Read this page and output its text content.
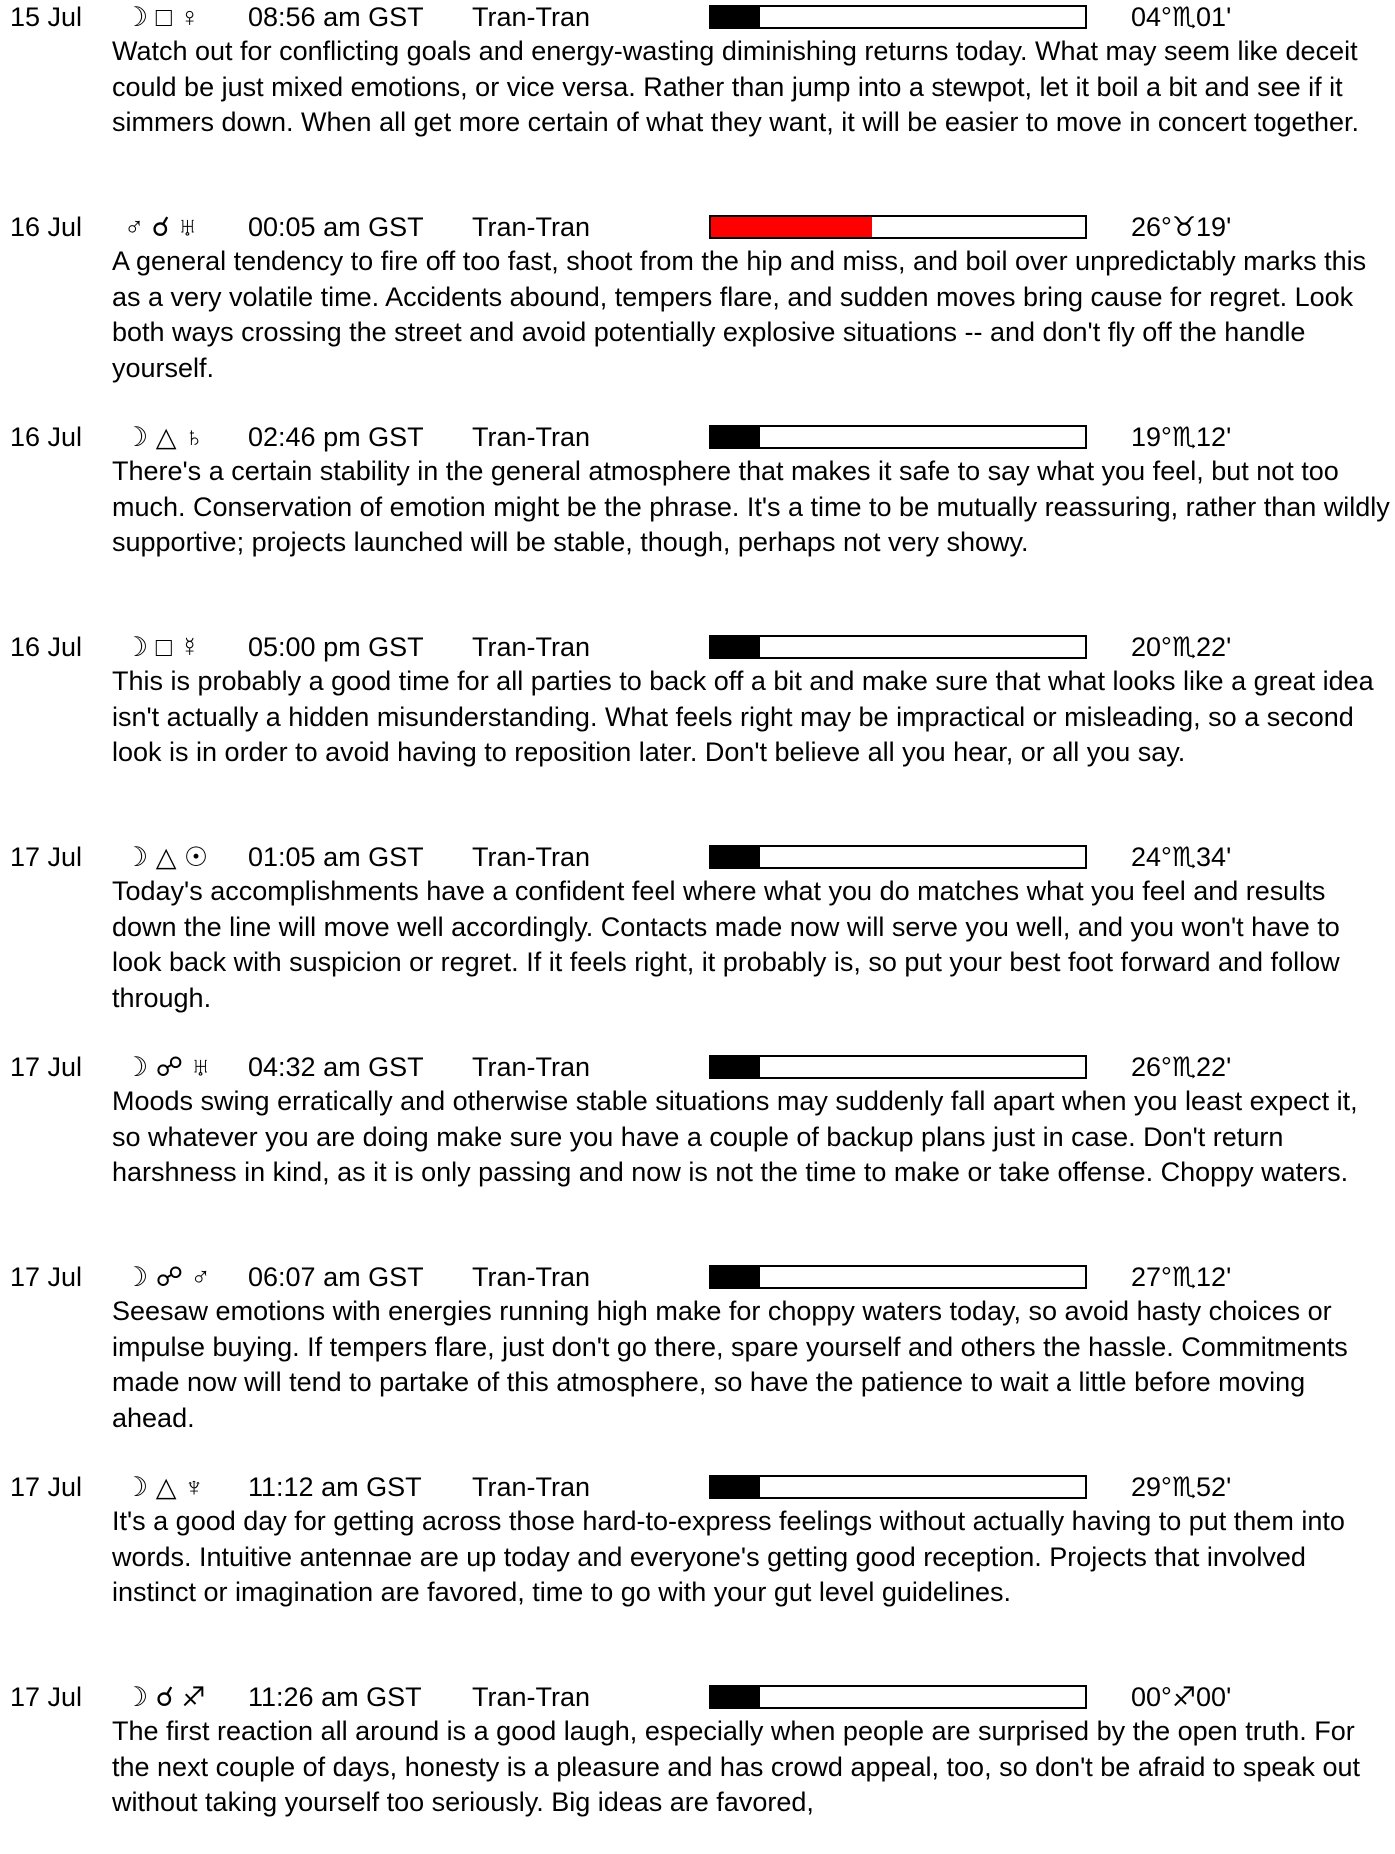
15 Jul ☽ □ ♀	08:56 am GST Tran-Tran	04°♏01'
Watch out for conflicting goals and energy-wasting diminishing returns today. What may seem like deceit could be just mixed emotions, or vice versa. Rather than jump into a stewpot, let it boil a bit and see if it simmers down. When all get more certain of what they want, it will be easier to move in concert together.
16 Jul ♂ ☌ ♅	00:05 am GST Tran-Tran	26°♉19'
A general tendency to fire off too fast, shoot from the hip and miss, and boil over unpredictably marks this as a very volatile time. Accidents abound, tempers flare, and sudden moves bring cause for regret. Look both ways crossing the street and avoid potentially explosive situations -- and don't fly off the handle yourself.
16 Jul ☽ △ ♄	02:46 pm GST Tran-Tran	19°♏12'
There's a certain stability in the general atmosphere that makes it safe to say what you feel, but not too much. Conservation of emotion might be the phrase. It's a time to be mutually reassuring, rather than wildly supportive; projects launched will be stable, though, perhaps not very showy.
16 Jul ☽ □ ☿	05:00 pm GST Tran-Tran	20°♏22'
This is probably a good time for all parties to back off a bit and make sure that what looks like a great idea isn't actually a hidden misunderstanding. What feels right may be impractical or misleading, so a second look is in order to avoid having to reposition later. Don't believe all you hear, or all you say.
17 Jul ☽ △ ☉	01:05 am GST Tran-Tran	24°♏34'
Today's accomplishments have a confident feel where what you do matches what you feel and results down the line will move well accordingly. Contacts made now will serve you well, and you won't have to look back with suspicion or regret. If it feels right, it probably is, so put your best foot forward and follow through.
17 Jul ☽ ☍ ♅	04:32 am GST Tran-Tran	26°♏22'
Moods swing erratically and otherwise stable situations may suddenly fall apart when you least expect it, so whatever you are doing make sure you have a couple of backup plans just in case. Don't return harshness in kind, as it is only passing and now is not the time to make or take offense. Choppy waters.
17 Jul ☽ ☍ ♂	06:07 am GST Tran-Tran	27°♏12'
Seesaw emotions with energies running high make for choppy waters today, so avoid hasty choices or impulse buying. If tempers flare, just don't go there, spare yourself and others the hassle. Commitments made now will tend to partake of this atmosphere, so have the patience to wait a little before moving ahead.
17 Jul ☽ △ ♆	11:12 am GST Tran-Tran	29°♏52'
It's a good day for getting across those hard-to-express feelings without actually having to put them into words. Intuitive antennae are up today and everyone's getting good reception. Projects that involved instinct or imagination are favored, time to go with your gut level guidelines.
17 Jul ☽ ☌ ♐	11:26 am GST Tran-Tran	00°♐00'
The first reaction all around is a good laugh, especially when people are surprised by the open truth. For the next couple of days, honesty is a pleasure and has crowd appeal, too, so don't be afraid to speak out without taking yourself too seriously. Big ideas are favored,
